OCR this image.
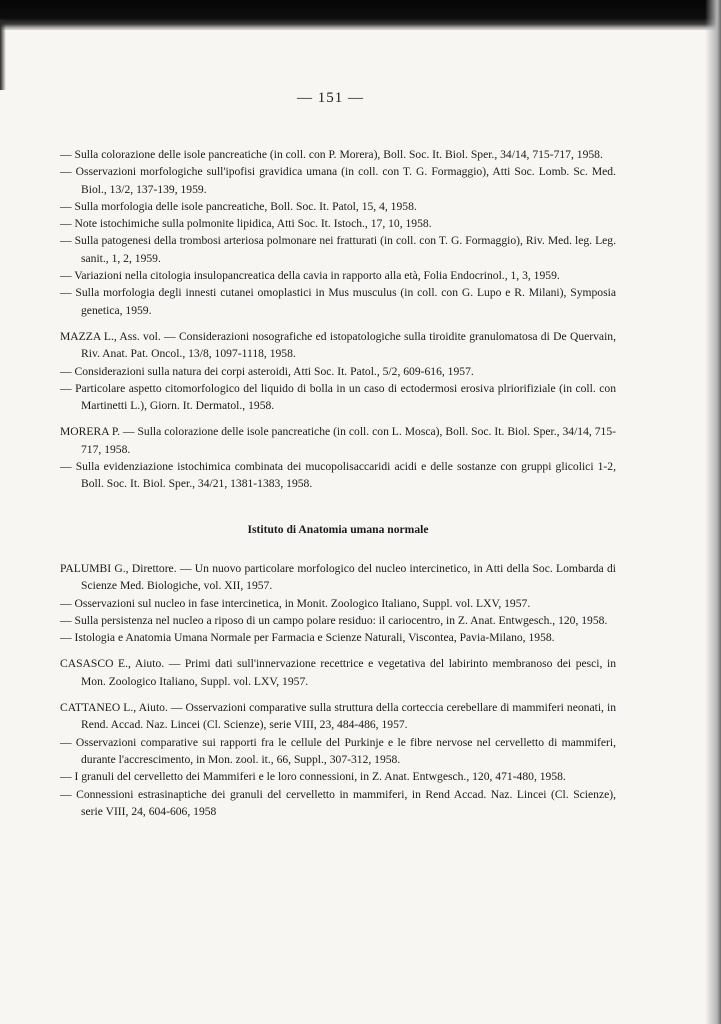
— 151 —

— Sulla colorazione delle isole pancreatiche (in coll. con P. Morera), Boll. Soc. It. Biol. Sper., 34/14, 715-717, 1958.

— Osservazioni morfologiche sull'ipofisi gravidica umana (in coll. con T. G. Formaggio), Atti Soc. Lomb. Sc. Med. Biol., 13/2, 137-139, 1959.

— Sulla morfologia delle isole pancreatiche, Boll. Soc. It. Patol, 15, 4, 1958.

— Note istochimiche sulla polmonite lipidica, Atti Soc. It. Istoch., 17, 10, 1958.

— Sulla patogenesi della trombosi arteriosa polmonare nei fratturati (in coll. con T. G. Formaggio), Riv. Med. leg. Leg. sanit., 1, 2, 1959.

— Variazioni nella citologia insulopancreatica della cavia in rapporto alla età, Folia Endocrinol., 1, 3, 1959.

— Sulla morfologia degli innesti cutanei omoplastici in Mus musculus (in coll. con G. Lupo e R. Milani), Symposia genetica, 1959.

MAZZA L., Ass. vol. — Considerazioni nosografiche ed istopatologiche sulla tiroidite granulomatosa di De Quervain, Riv. Anat. Pat. Oncol., 13/8, 1097-1118, 1958.

— Considerazioni sulla natura dei corpi asteroidi, Atti Soc. It. Patol., 5/2, 609-616, 1957.

— Particolare aspetto citomorfologico del liquido di bolla in un caso di ectodermosi erosiva plriorifiziale (in coll. con Martinetti L.), Giorn. It. Dermatol., 1958.

MORERA P. — Sulla colorazione delle isole pancreatiche (in coll. con L. Mosca), Boll. Soc. It. Biol. Sper., 34/14, 715-717, 1958.

— Sulla evidenziazione istochimica combinata dei mucopolisaccaridi acidi e delle sostanze con gruppi glicolici 1-2, Boll. Soc. It. Biol. Sper., 34/21, 1381-1383, 1958.

Istituto di Anatomia umana normale

PALUMBI G., Direttore. — Un nuovo particolare morfologico del nucleo intercinetico, in Atti della Soc. Lombarda di Scienze Med. Biologiche, vol. XII, 1957.

— Osservazioni sul nucleo in fase intercinetica, in Monit. Zoologico Italiano, Suppl. vol. LXV, 1957.

— Sulla persistenza nel nucleo a riposo di un campo polare residuo: il cariocentro, in Z. Anat. Entwgesch., 120, 1958.

— Istologia e Anatomia Umana Normale per Farmacia e Scienze Naturali, Viscontea, Pavia-Milano, 1958.

CASASCO E., Aiuto. — Primi dati sull'innervazione recettrice e vegetativa del labirinto membranoso dei pesci, in Mon. Zoologico Italiano, Suppl. vol. LXV, 1957.

CATTANEO L., Aiuto. — Osservazioni comparative sulla struttura della corteccia cerebellare di mammiferi neonati, in Rend. Accad. Naz. Lincei (Cl. Scienze), serie VIII, 23, 484-486, 1957.

— Osservazioni comparative sui rapporti fra le cellule del Purkinje e le fibre nervose nel cervelletto di mammiferi, durante l'accrescimento, in Mon. zool. it., 66, Suppl., 307-312, 1958.

— I granuli del cervelletto dei Mammiferi e le loro connessioni, in Z. Anat. Entwgesch., 120, 471-480, 1958.

— Connessioni estrasinaptiche dei granuli del cervelletto in mammiferi, in Rend Accad. Naz. Lincei (Cl. Scienze), serie VIII, 24, 604-606, 1958
